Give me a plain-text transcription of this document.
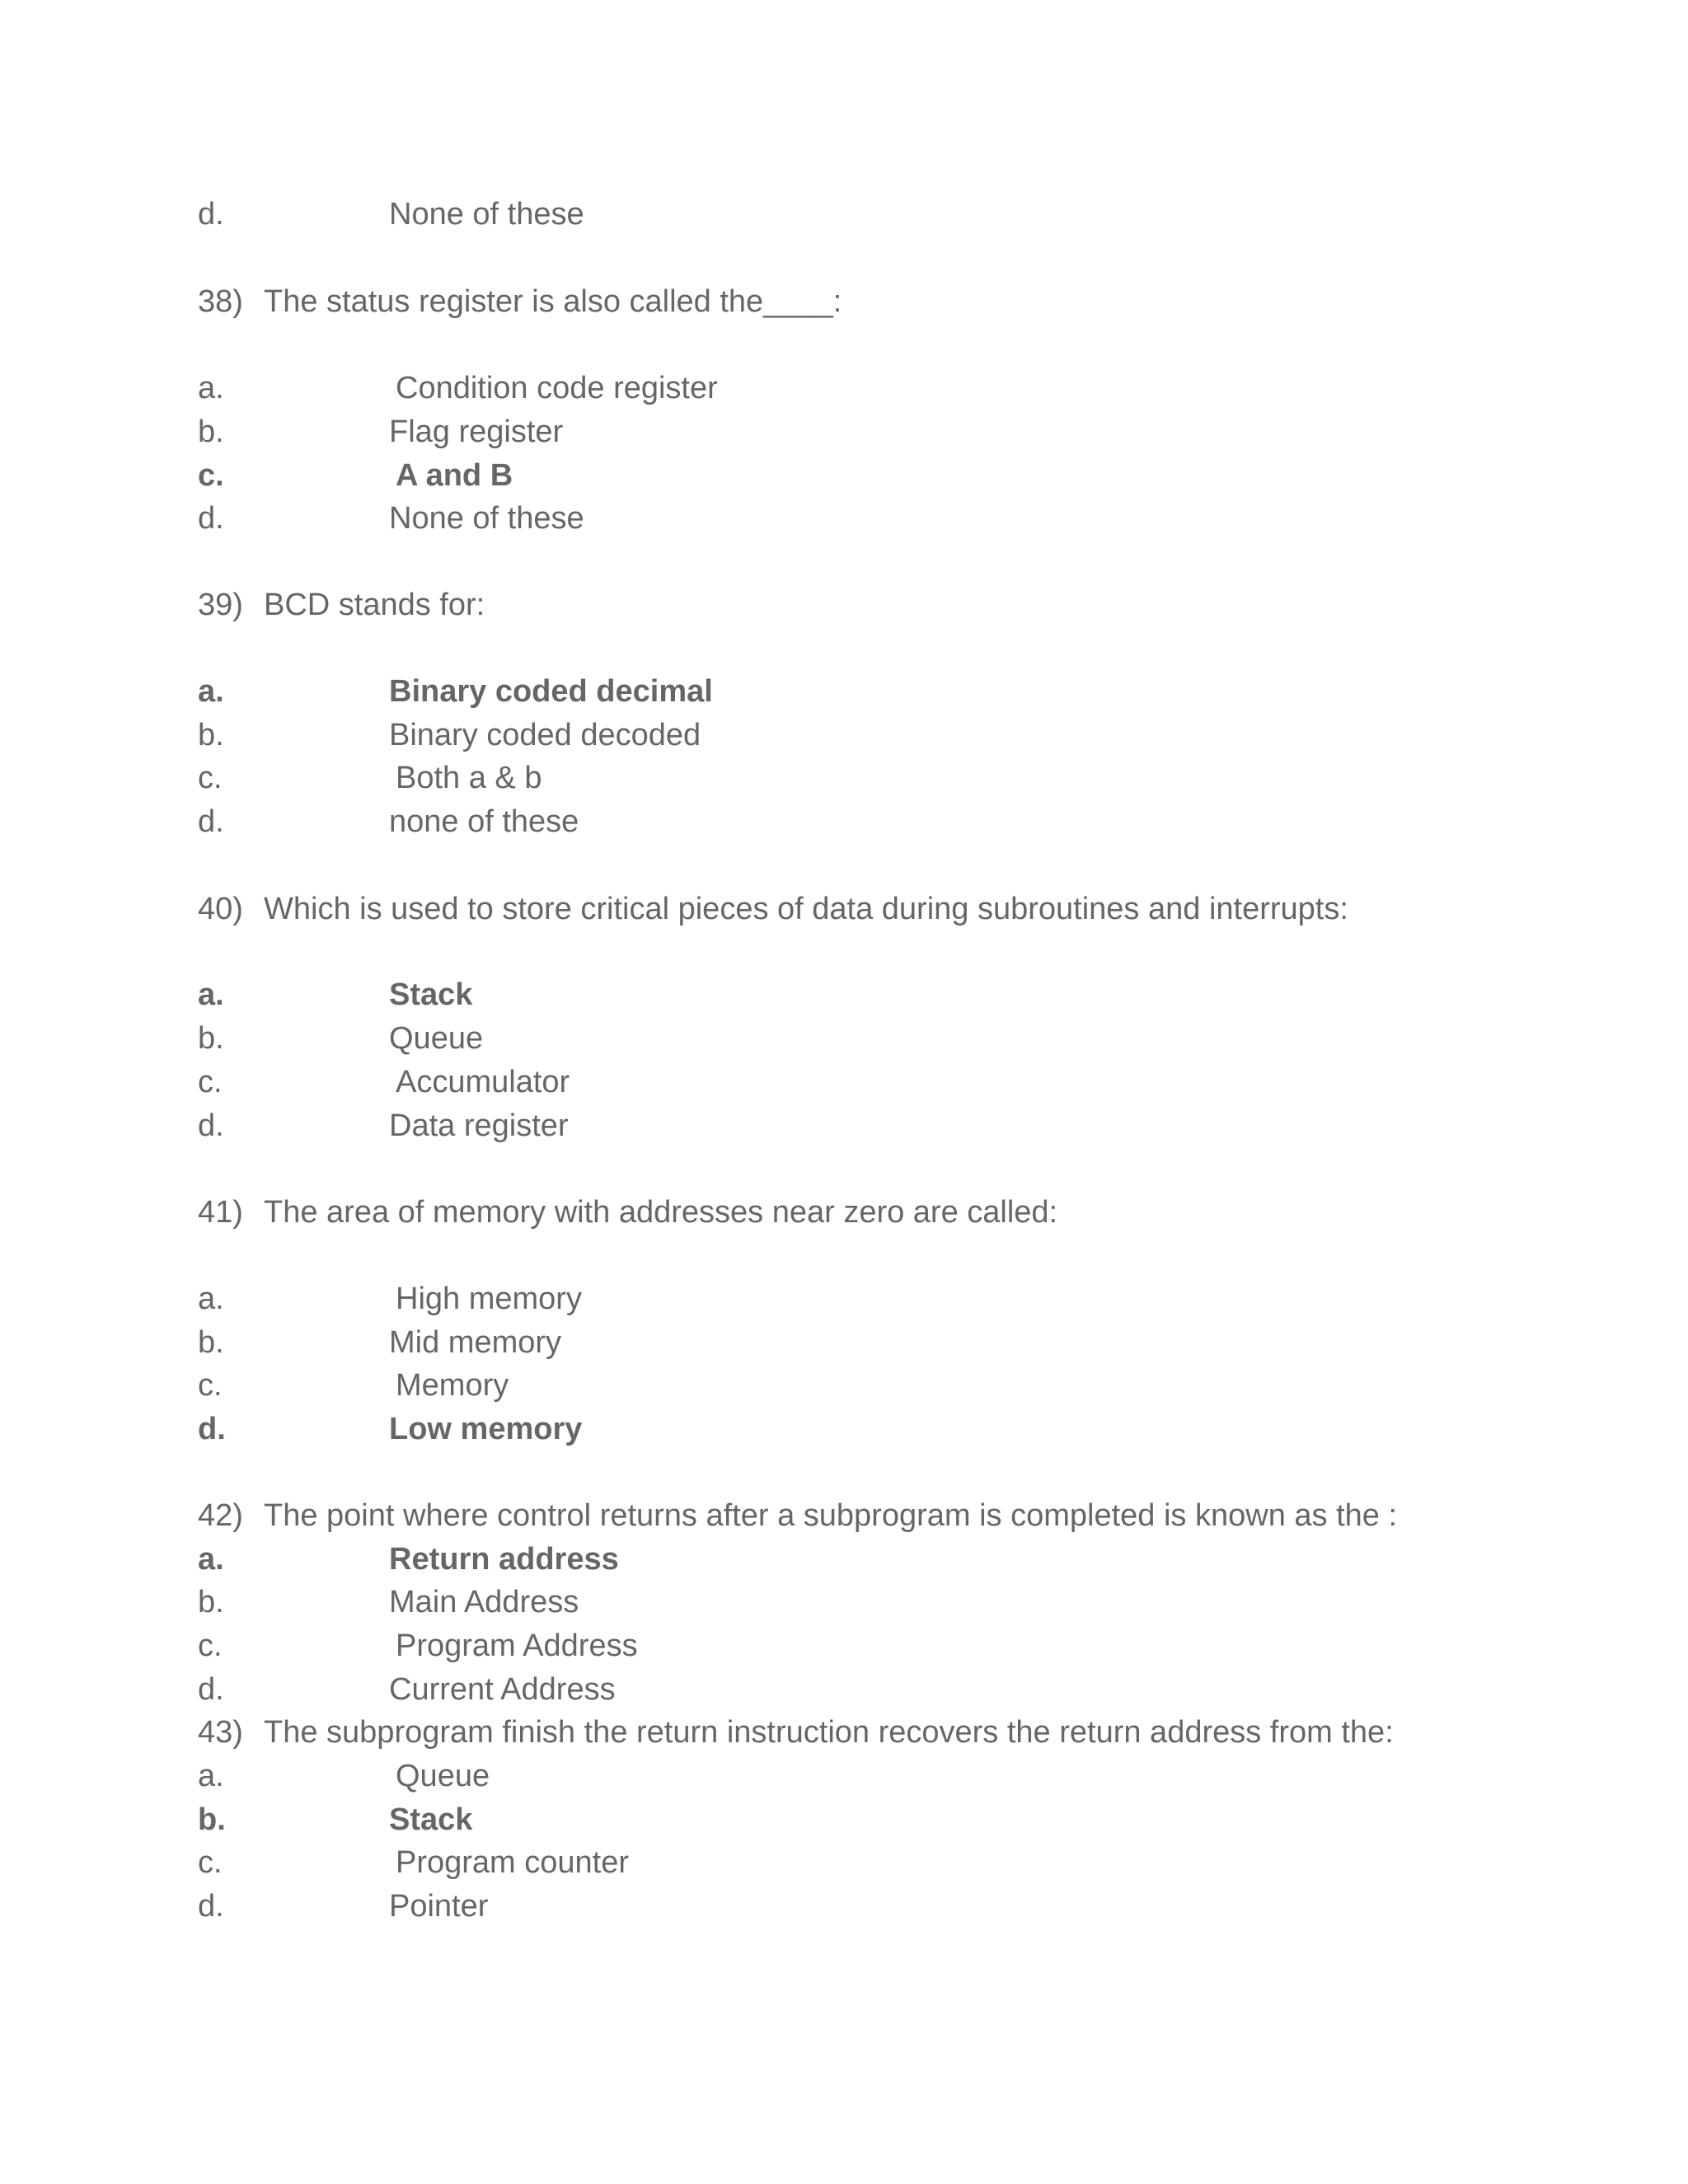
d.	None of these
38) The status register is also called the____:
a.	Condition code register
b.	Flag register
c.	A and B
d.	None of these
39) BCD stands for:
a.	Binary coded decimal
b.	Binary coded decoded
c.	Both a & b
d.	none of these
40) Which is used to store critical pieces of data during subroutines and interrupts:
a.	Stack
b.	Queue
c.	Accumulator
d.	Data register
41) The area of memory with addresses near zero are called:
a.	High memory
b.	Mid memory
c.	Memory
d.	Low memory
42) The point where control returns after a subprogram is completed is known as the :
a.	Return address
b.	Main Address
c.	Program Address
d.	Current Address
43) The subprogram finish the return instruction recovers the return address from the:
a.	Queue
b.	Stack
c.	Program counter
d.	Pointer
